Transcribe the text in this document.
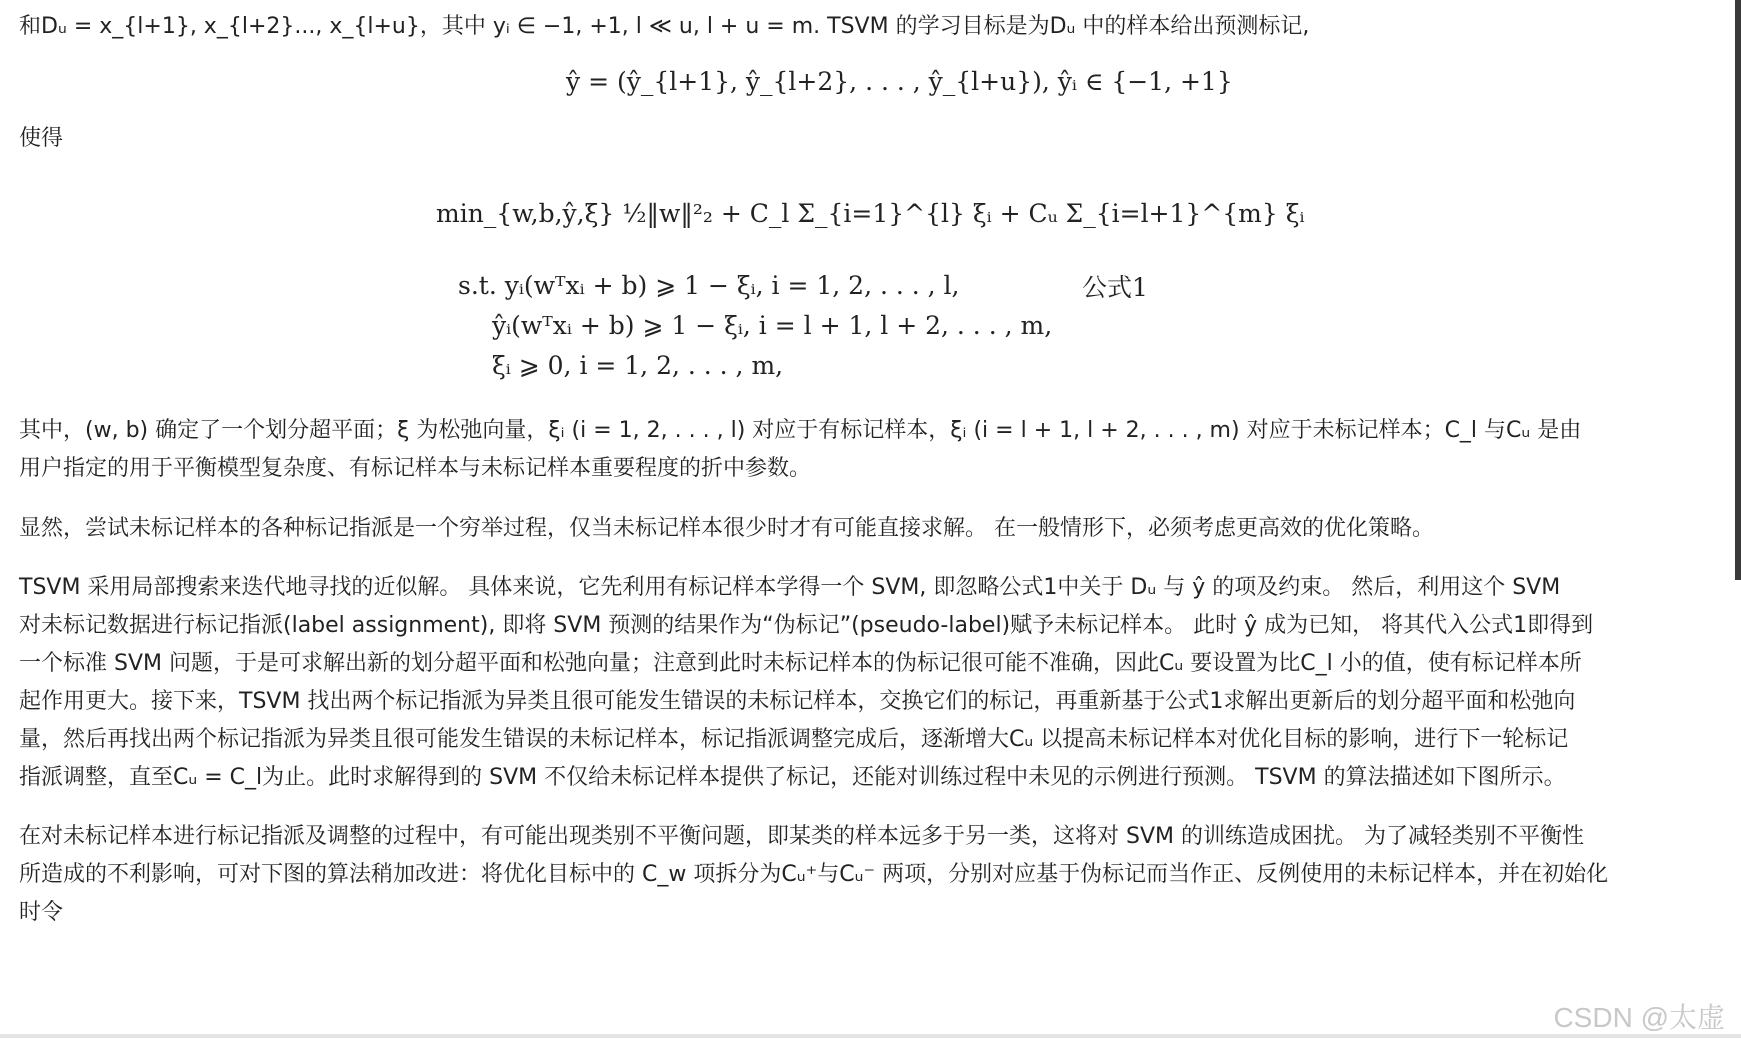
和Dᵤ = x_{l+1}, x_{l+2}..., x_{l+u}，其中 yᵢ ∈ −1, +1, l ≪ u, l + u = m. TSVM 的学习目标是为Dᵤ 中的样本给出预测标记,
ŷ = (ŷ_{l+1}, ŷ_{l+2}, . . . , ŷ_{l+u}), ŷᵢ ∈ {−1, +1}
使得
min_{w,b,ŷ,ξ} ½‖w‖²₂ + C_l Σ_{i=1}^{l} ξᵢ + Cᵤ Σ_{i=l+1}^{m} ξᵢ
s.t. yᵢ(wᵀxᵢ + b) ⩾ 1 − ξᵢ, i = 1, 2, . . . , l,
ŷᵢ(wᵀxᵢ + b) ⩾ 1 − ξᵢ, i = l + 1, l + 2, . . . , m,
ξᵢ ⩾ 0, i = 1, 2, . . . , m,
公式1
其中，(w, b) 确定了一个划分超平面；ξ 为松弛向量，ξᵢ (i = 1, 2, . . . , l) 对应于有标记样本，ξᵢ (i = l + 1, l + 2, . . . , m) 对应于未标记样本；C_l 与Cᵤ 是由
用户指定的用于平衡模型复杂度、有标记样本与未标记样本重要程度的折中参数。
显然，尝试未标记样本的各种标记指派是一个穷举过程，仅当未标记样本很少时才有可能直接求解。 在一般情形下，必须考虑更高效的优化策略。
TSVM 采用局部搜索来迭代地寻找的近似解。 具体来说，它先利用有标记样本学得一个 SVM, 即忽略公式1中关于 Dᵤ 与 ŷ 的项及约束。 然后，利用这个 SVM
对未标记数据进行标记指派(label assignment), 即将 SVM 预测的结果作为“伪标记”(pseudo-label)赋予未标记样本。 此时 ŷ 成为已知， 将其代入公式1即得到
一个标准 SVM 问题，于是可求解出新的划分超平面和松弛向量；注意到此时未标记样本的伪标记很可能不准确，因此Cᵤ 要设置为比C_l 小的值，使有标记样本所
起作用更大。接下来，TSVM 找出两个标记指派为异类且很可能发生错误的未标记样本，交换它们的标记，再重新基于公式1求解出更新后的划分超平面和松弛向
量，然后再找出两个标记指派为异类且很可能发生错误的未标记样本，标记指派调整完成后，逐渐增大Cᵤ 以提高未标记样本对优化目标的影响，进行下一轮标记
指派调整，直至Cᵤ = C_l为止。此时求解得到的 SVM 不仅给未标记样本提供了标记，还能对训练过程中未见的示例进行预测。 TSVM 的算法描述如下图所示。
在对未标记样本进行标记指派及调整的过程中，有可能出现类别不平衡问题，即某类的样本远多于另一类，这将对 SVM 的训练造成困扰。 为了减轻类别不平衡性
所造成的不利影响，可对下图的算法稍加改进：将优化目标中的 C_w 项拆分为Cᵤ⁺与Cᵤ⁻ 两项，分别对应基于伪标记而当作正、反例使用的未标记样本，并在初始化
时令
CSDN @太虚
